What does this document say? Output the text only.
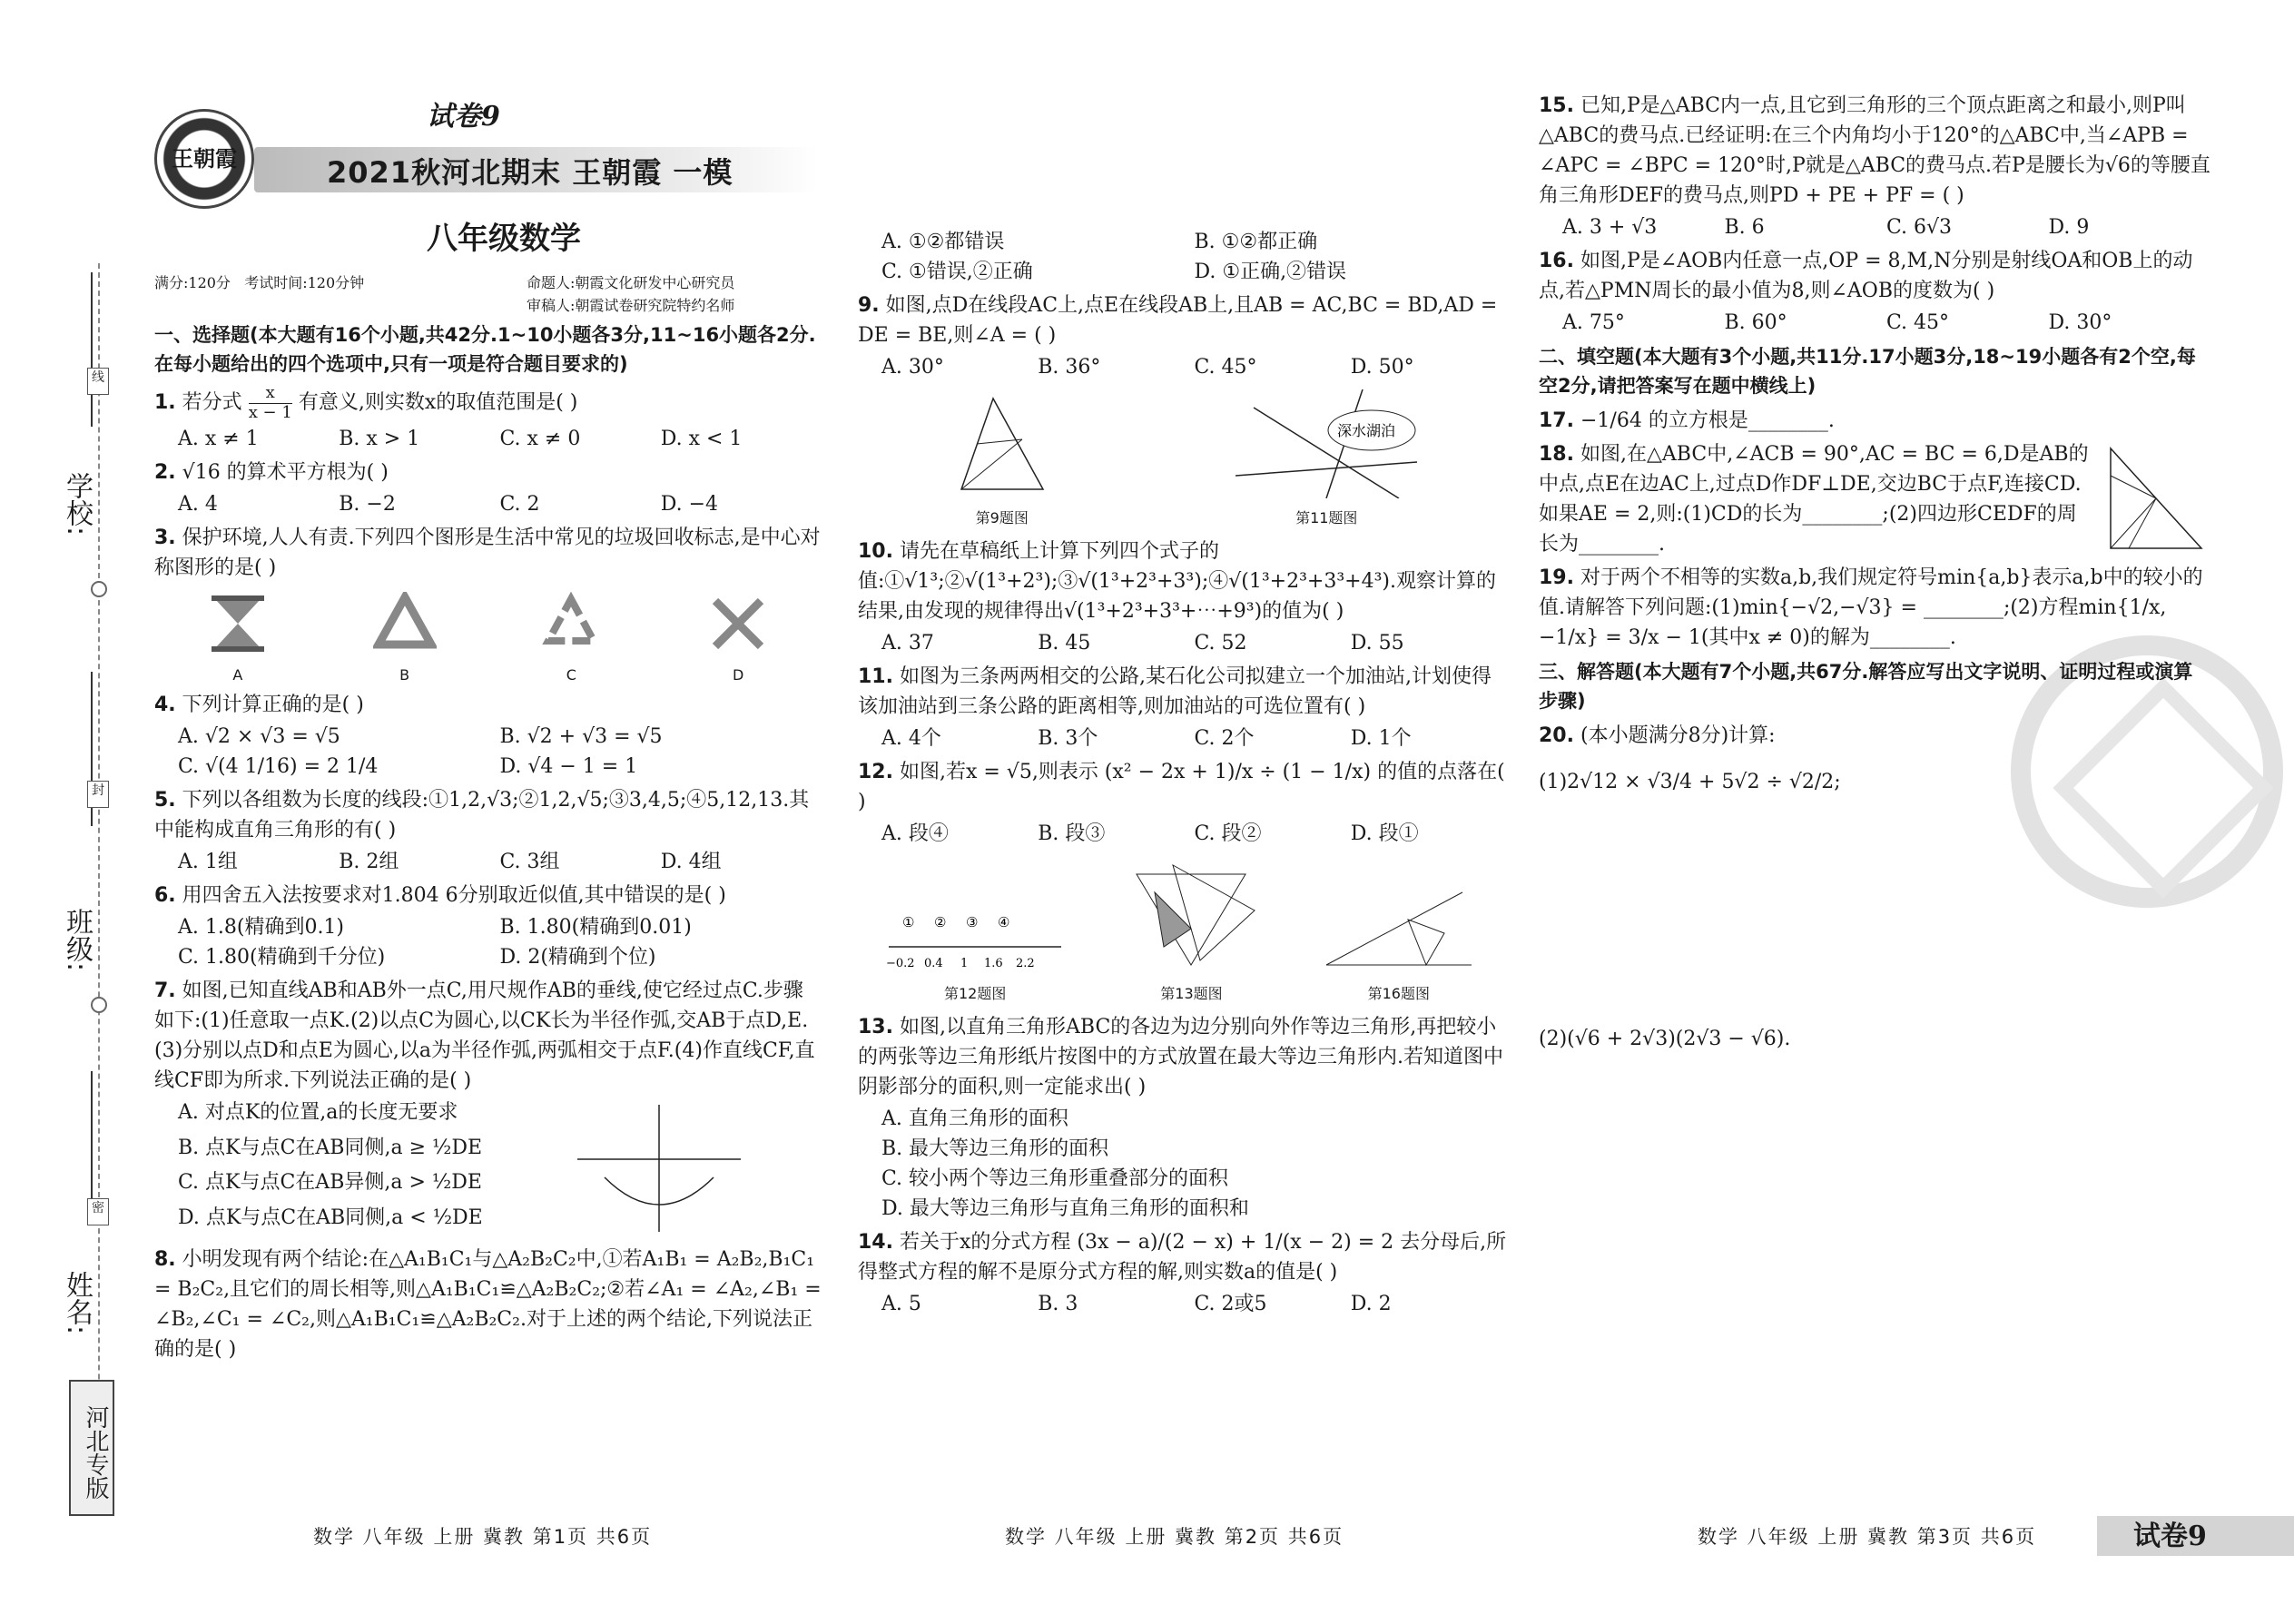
学校:
线
班级:
封
姓名:
密
河北专版
王朝霞
试卷9
2021秋河北期末 王朝霞 一模
八年级数学
满分:120分 考试时间:120分钟	命题人:朝霞文化研发中心研究员
审稿人:朝霞试卷研究院特约名师
一、选择题(本大题有16个小题,共42分.1~10小题各3分,11~16小题各2分.在每小题给出的四个选项中,只有一项是符合题目要求的)
1. 若分式 $\frac{x}{x - 1}$ 有意义,则实数x的取值范围是( )
A. x ≠ 1	B. x > 1	C. x ≠ 0	D. x < 1
2. √16 的算术平方根为( )
A. 4	B. −2	C. 2	D. −4
3. 保护环境,人人有责.下列四个图形是生活中常见的垃圾回收标志,是中心对称图形的是( )
A	B	C	D
4. 下列计算正确的是( )
A. √2 × √3 = √5	B. √2 + √3 = √5
C. √(4 1/16) = 2 1/4	D. √4 − 1 = 1
5. 下列以各组数为长度的线段:①1,2,√3;②1,2,√5;③3,4,5;④5,12,13.其中能构成直角三角形的有( )
A. 1组	B. 2组	C. 3组	D. 4组
6. 用四舍五入法按要求对1.804 6分别取近似值,其中错误的是( )
A. 1.8(精确到0.1)	B. 1.80(精确到0.01)
C. 1.80(精确到千分位)	D. 2(精确到个位)
7. 如图,已知直线AB和AB外一点C,用尺规作AB的垂线,使它经过点C.步骤如下:(1)任意取一点K.(2)以点C为圆心,以CK长为半径作弧,交AB于点D,E.(3)分别以点D和点E为圆心,以a为半径作弧,两弧相交于点F.(4)作直线CF,直线CF即为所求.下列说法正确的是( )
A. 对点K的位置,a的长度无要求
B. 点K与点C在AB同侧,a ≥ ½DE
C. 点K与点C在AB异侧,a > ½DE
D. 点K与点C在AB同侧,a < ½DE
8. 小明发现有两个结论:在△A₁B₁C₁与△A₂B₂C₂中,①若A₁B₁ = A₂B₂,B₁C₁ = B₂C₂,且它们的周长相等,则△A₁B₁C₁≌△A₂B₂C₂;②若∠A₁ = ∠A₂,∠B₁ = ∠B₂,∠C₁ = ∠C₂,则△A₁B₁C₁≌△A₂B₂C₂.对于上述的两个结论,下列说法正确的是( )
A. ①②都错误	B. ①②都正确
C. ①错误,②正确	D. ①正确,②错误
9. 如图,点D在线段AC上,点E在线段AB上,且AB = AC,BC = BD,AD = DE = BE,则∠A = ( )
A. 30°	B. 36°	C. 45°	D. 50°
第9题图
深水湖泊
第11题图
10. 请先在草稿纸上计算下列四个式子的值:①√1³;②√(1³+2³);③√(1³+2³+3³);④√(1³+2³+3³+4³).观察计算的结果,由发现的规律得出√(1³+2³+3³+⋯+9³)的值为( )
A. 37	B. 45	C. 52	D. 55
11. 如图为三条两两相交的公路,某石化公司拟建立一个加油站,计划使得该加油站到三条公路的距离相等,则加油站的可选位置有( )
A. 4个	B. 3个	C. 2个	D. 1个
12. 如图,若x = √5,则表示 (x² − 2x + 1)/x ÷ (1 − 1/x) 的值的点落在( )
A. 段④	B. 段③	C. 段②	D. 段①
① ② ③ ④
−0.2 0.4 1 1.6 2.2
第12题图	第13题图	第16题图
13. 如图,以直角三角形ABC的各边为边分别向外作等边三角形,再把较小的两张等边三角形纸片按图中的方式放置在最大等边三角形内.若知道图中阴影部分的面积,则一定能求出( )
A. 直角三角形的面积
B. 最大等边三角形的面积
C. 较小两个等边三角形重叠部分的面积
D. 最大等边三角形与直角三角形的面积和
14. 若关于x的分式方程 (3x − a)/(2 − x) + 1/(x − 2) = 2 去分母后,所得整式方程的解不是原分式方程的解,则实数a的值是( )
A. 5	B. 3	C. 2或5	D. 2
15. 已知,P是△ABC内一点,且它到三角形的三个顶点距离之和最小,则P叫△ABC的费马点.已经证明:在三个内角均小于120°的△ABC中,当∠APB = ∠APC = ∠BPC = 120°时,P就是△ABC的费马点.若P是腰长为√6的等腰直角三角形DEF的费马点,则PD + PE + PF = ( )
A. 3 + √3	B. 6	C. 6√3	D. 9
16. 如图,P是∠AOB内任意一点,OP = 8,M,N分别是射线OA和OB上的动点,若△PMN周长的最小值为8,则∠AOB的度数为( )
A. 75°	B. 60°	C. 45°	D. 30°
二、填空题(本大题有3个小题,共11分.17小题3分,18~19小题各有2个空,每空2分,请把答案写在题中横线上)
17. −1/64 的立方根是________.
18. 如图,在△ABC中,∠ACB = 90°,AC = BC = 6,D是AB的中点,点E在边AC上,过点D作DF⊥DE,交边BC于点F,连接CD.如果AE = 2,则:(1)CD的长为________;(2)四边形CEDF的周长为________.
19. 对于两个不相等的实数a,b,我们规定符号min{a,b}表示a,b中的较小的值.请解答下列问题:(1)min{−√2,−√3} = ________;(2)方程min{1/x,−1/x} = 3/x − 1(其中x ≠ 0)的解为________.
三、解答题(本大题有7个小题,共67分.解答应写出文字说明、证明过程或演算步骤)
20. (本小题满分8分)计算:
(1)2√12 × √3/4 + 5√2 ÷ √2/2;
(2)(√6 + 2√3)(2√3 − √6).
数学 八年级 上册 冀教 第1页 共6页	数学 八年级 上册 冀教 第2页 共6页	数学 八年级 上册 冀教 第3页 共6页	试卷9
